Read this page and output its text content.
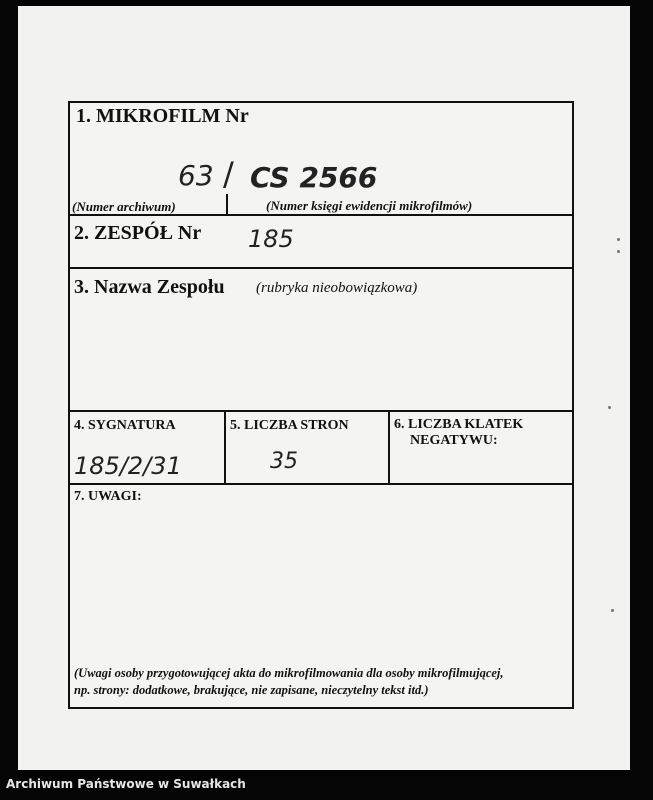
1. MIKROFILM Nr
63 / CS 2566
(Numer archiwum)	(Numer księgi ewidencji mikrofilmów)
2. ZESPÓŁ Nr 185
3. Nazwa Zespołu (rubryka nieobowiązkowa)
4. SYGNATURA
185/2/31
5. LICZBA STRON
35
6. LICZBA KLATEK
NEGATYWU:
7. UWAGI:
(Uwagi osoby przygotowującej akta do mikrofilmowania dla osoby mikrofilmującej,
np. strony: dodatkowe, brakujące, nie zapisane, nieczytelny tekst itd.)
Archiwum Państwowe w Suwałkach
